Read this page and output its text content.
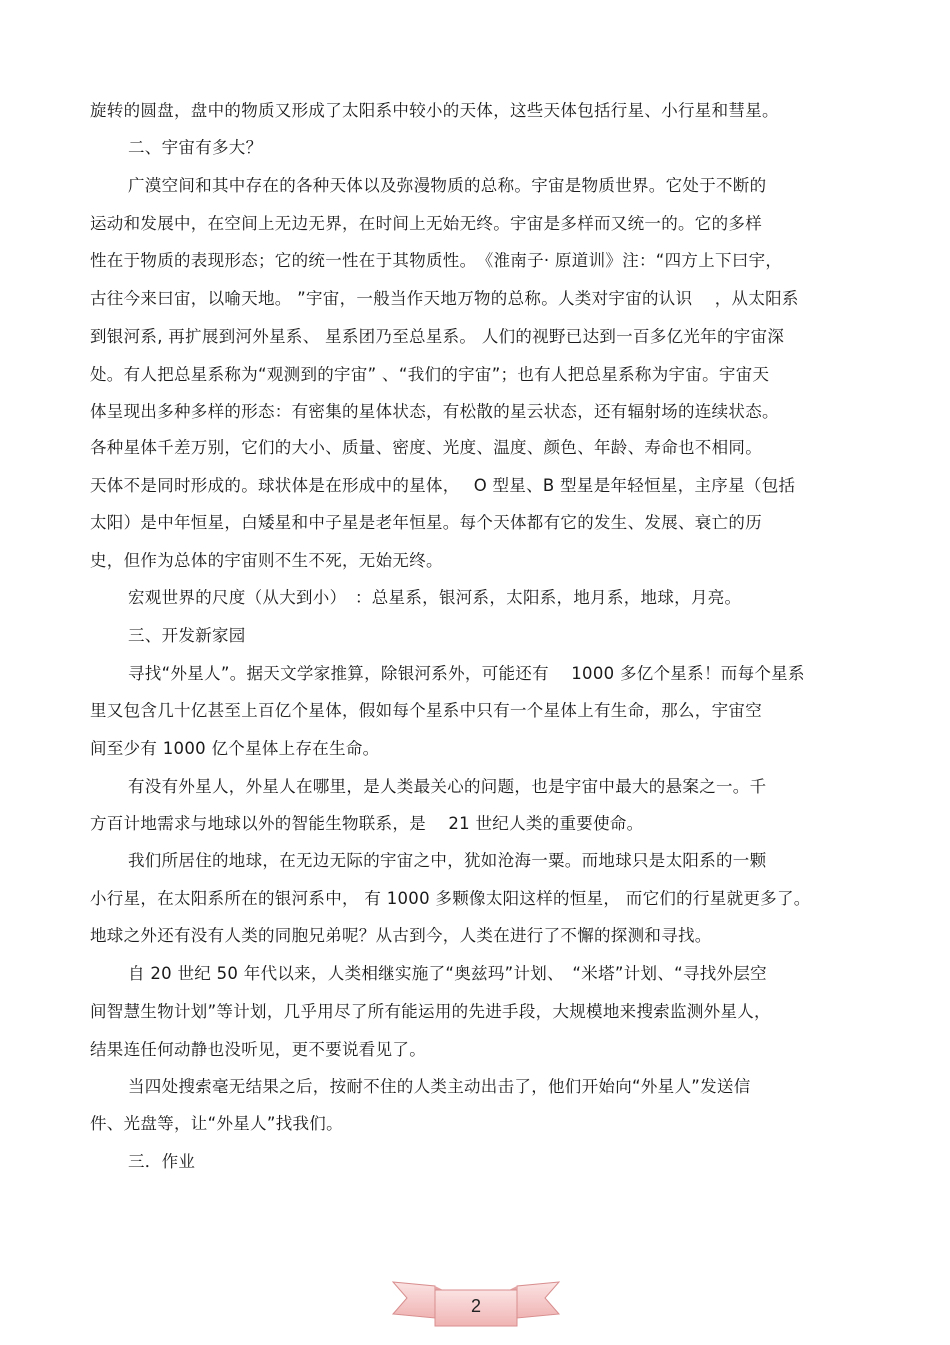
旋转的圆盘，盘中的物质又形成了太阳系中较小的天体，这些天体包括行星、小行星和彗星。
二、宇宙有多大？
广漠空间和其中存在的各种天体以及弥漫物质的总称。宇宙是物质世界。它处于不断的
运动和发展中，在空间上无边无界，在时间上无始无终。宇宙是多样而又统一的。它的多样
性在于物质的表现形态；它的统一性在于其物质性。　《淮南子· 原道训》注：“四方上下曰宇，
古往今来曰宙，以喻天地。 ”宇宙，一般当作天地万物的总称。人类对宇宙的认识　 ，从太阳系
到银河系, 再扩展到河外星系、 星系团乃至总星系。 人们的视野已达到一百多亿光年的宇宙深
处。有人把总星系称为“观测到的宇宙” 、“我们的宇宙”；也有人把总星系称为宇宙。宇宙天
体呈现出多种多样的形态：有密集的星体状态，有松散的星云状态，还有辐射场的连续状态。
各种星体千差万别，它们的大小、质量、密度、光度、温度、颜色、年龄、寿命也不相同。
天体不是同时形成的。球状体是在形成中的星体，　 O 型星、B 型星是年轻恒星，主序星（包括
太阳）是中年恒星，白矮星和中子星是老年恒星。每个天体都有它的发生、发展、衰亡的历
史，但作为总体的宇宙则不生不死，无始无终。
宏观世界的尺度（从大到小）　：总星系，银河系，太阳系，地月系，地球，月亮。
三、开发新家园
寻找“外星人”。据天文学家推算，除银河系外，可能还有　 1000 多亿个星系！而每个星系
里又包含几十亿甚至上百亿个星体，假如每个星系中只有一个星体上有生命，那么，宇宙空
间至少有 1000 亿个星体上存在生命。
有没有外星人，外星人在哪里，是人类最关心的问题，也是宇宙中最大的悬案之一。千
方百计地需求与地球以外的智能生物联系，是　 21 世纪人类的重要使命。
我们所居住的地球，在无边无际的宇宙之中，犹如沧海一粟。而地球只是太阳系的一颗
小行星，在太阳系所在的银河系中， 有 1000 多颗像太阳这样的恒星， 而它们的行星就更多了。
地球之外还有没有人类的同胞兄弟呢？从古到今，人类在进行了不懈的探测和寻找。
自 20 世纪 50 年代以来，人类相继实施了“奥兹玛”计划、　“米塔”计划、“寻找外层空
间智慧生物计划”等计划，几乎用尽了所有能运用的先进手段，大规模地来搜索监测外星人，
结果连任何动静也没听见，更不要说看见了。
当四处搜索毫无结果之后，按耐不住的人类主动出击了，他们开始向“外星人”发送信
件、光盘等，让“外星人”找我们。
三．作业
2
